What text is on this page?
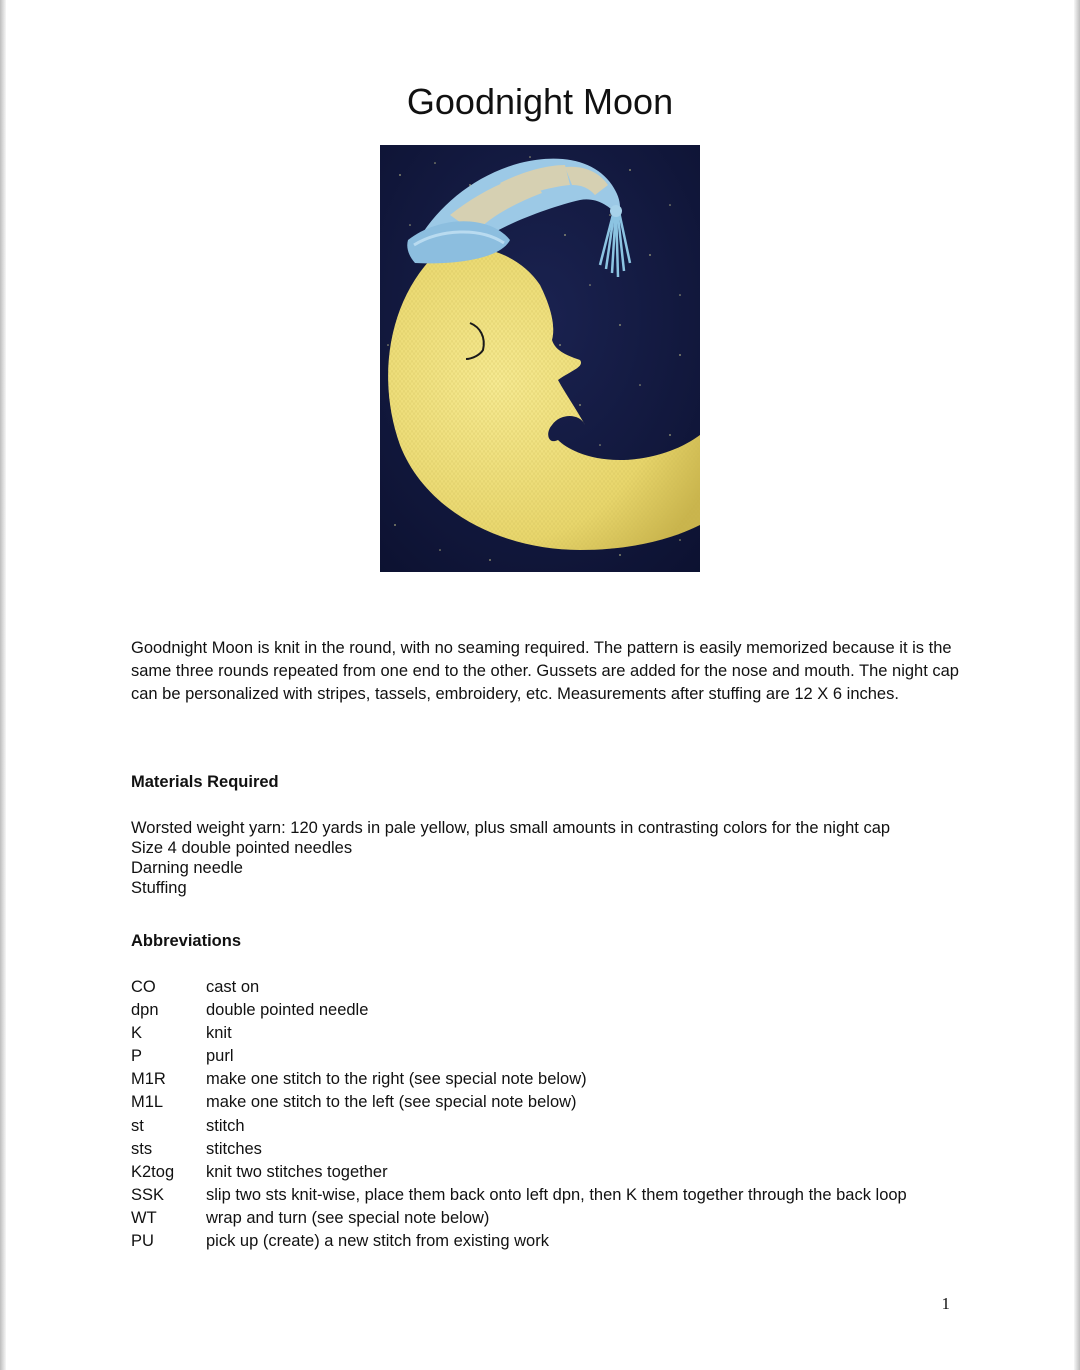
Goodnight Moon

Goodnight Moon is knit in the round, with no seaming required. The pattern is easily memorized because it is the same three rounds repeated from one end to the other. Gussets are added for the nose and mouth. The night cap can be personalized with stripes, tassels, embroidery, etc. Measurements after stuffing are 12 X 6 inches.

Materials Required
Worsted weight yarn: 120 yards in pale yellow, plus small amounts in contrasting colors for the night cap
Size 4 double pointed needles
Darning needle
Stuffing
Abbreviations
CO	cast on
dpn	double pointed needle
K	knit
P	purl
M1R	make one stitch to the right (see special note below)
M1L	make one stitch to the left (see special note below)
st	stitch
sts	stitches
K2tog	knit two stitches together
SSK	slip two sts knit-wise, place them back onto left dpn, then K them together through the back loop
WT	wrap and turn (see special note below)
PU	pick up (create) a new stitch from existing work
1
